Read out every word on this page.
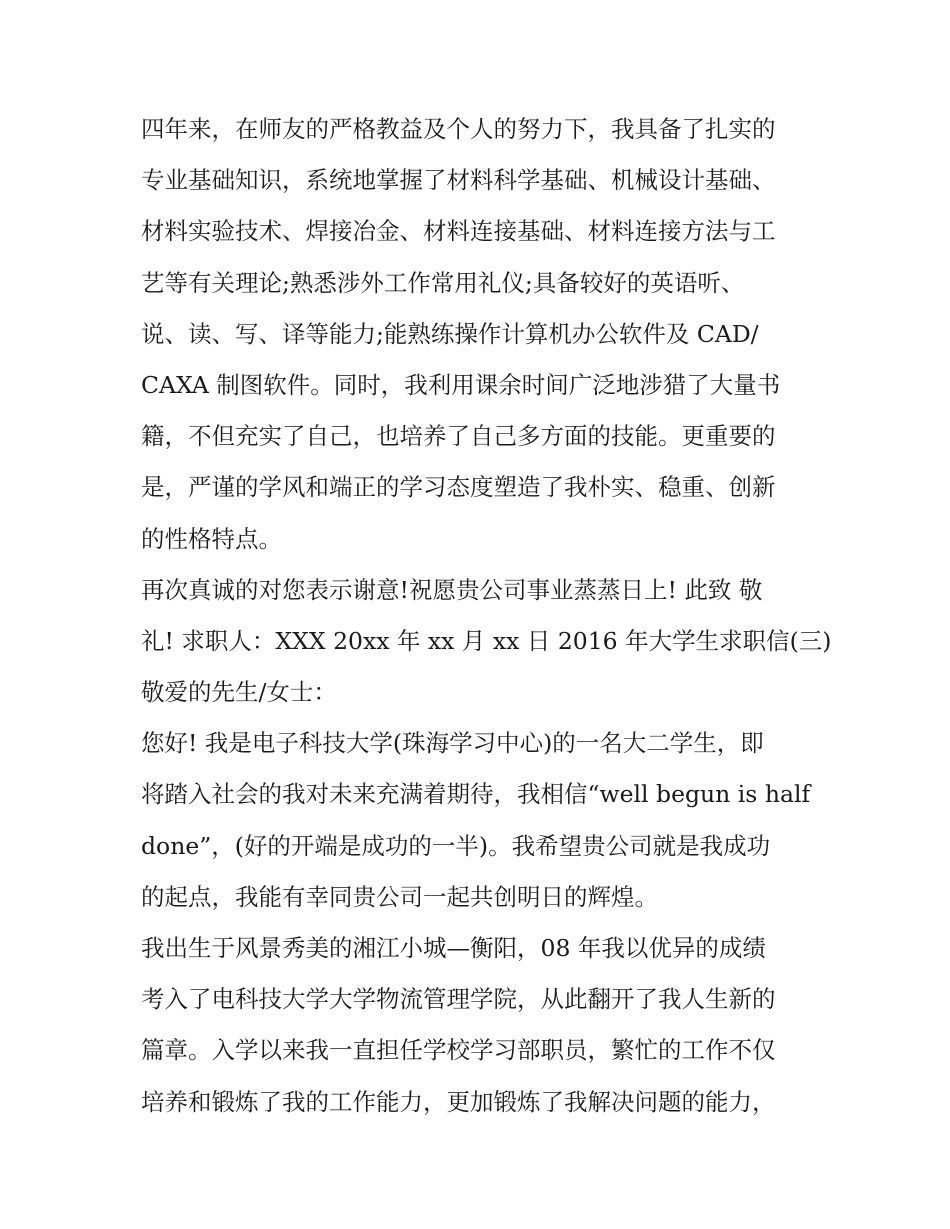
四年来，在师友的严格教益及个人的努力下，我具备了扎实的
专业基础知识，系统地掌握了材料科学基础、机械设计基础、
材料实验技术、焊接冶金、材料连接基础、材料连接方法与工
艺等有关理论;熟悉涉外工作常用礼仪;具备较好的英语听、
说、读、写、译等能力;能熟练操作计算机办公软件及 CAD/
CAXA 制图软件。同时，我利用课余时间广泛地涉猎了大量书
籍，不但充实了自己，也培养了自己多方面的技能。更重要的
是，严谨的学风和端正的学习态度塑造了我朴实、稳重、创新
的性格特点。

再次真诚的对您表示谢意!祝愿贵公司事业蒸蒸日上! 此致 敬
礼! 求职人：XXX 20xx 年 xx 月 xx 日 2016 年大学生求职信(三)

敬爱的先生/女士：

您好! 我是电子科技大学(珠海学习中心)的一名大二学生，即
将踏入社会的我对未来充满着期待，我相信“well begun is half
done”，(好的开端是成功的一半)。我希望贵公司就是我成功
的起点，我能有幸同贵公司一起共创明日的辉煌。

我出生于风景秀美的湘江小城—衡阳，08 年我以优异的成绩
考入了电科技大学大学物流管理学院，从此翻开了我人生新的
篇章。入学以来我一直担任学校学习部职员，繁忙的工作不仅
培养和锻炼了我的工作能力，更加锻炼了我解决问题的能力，
